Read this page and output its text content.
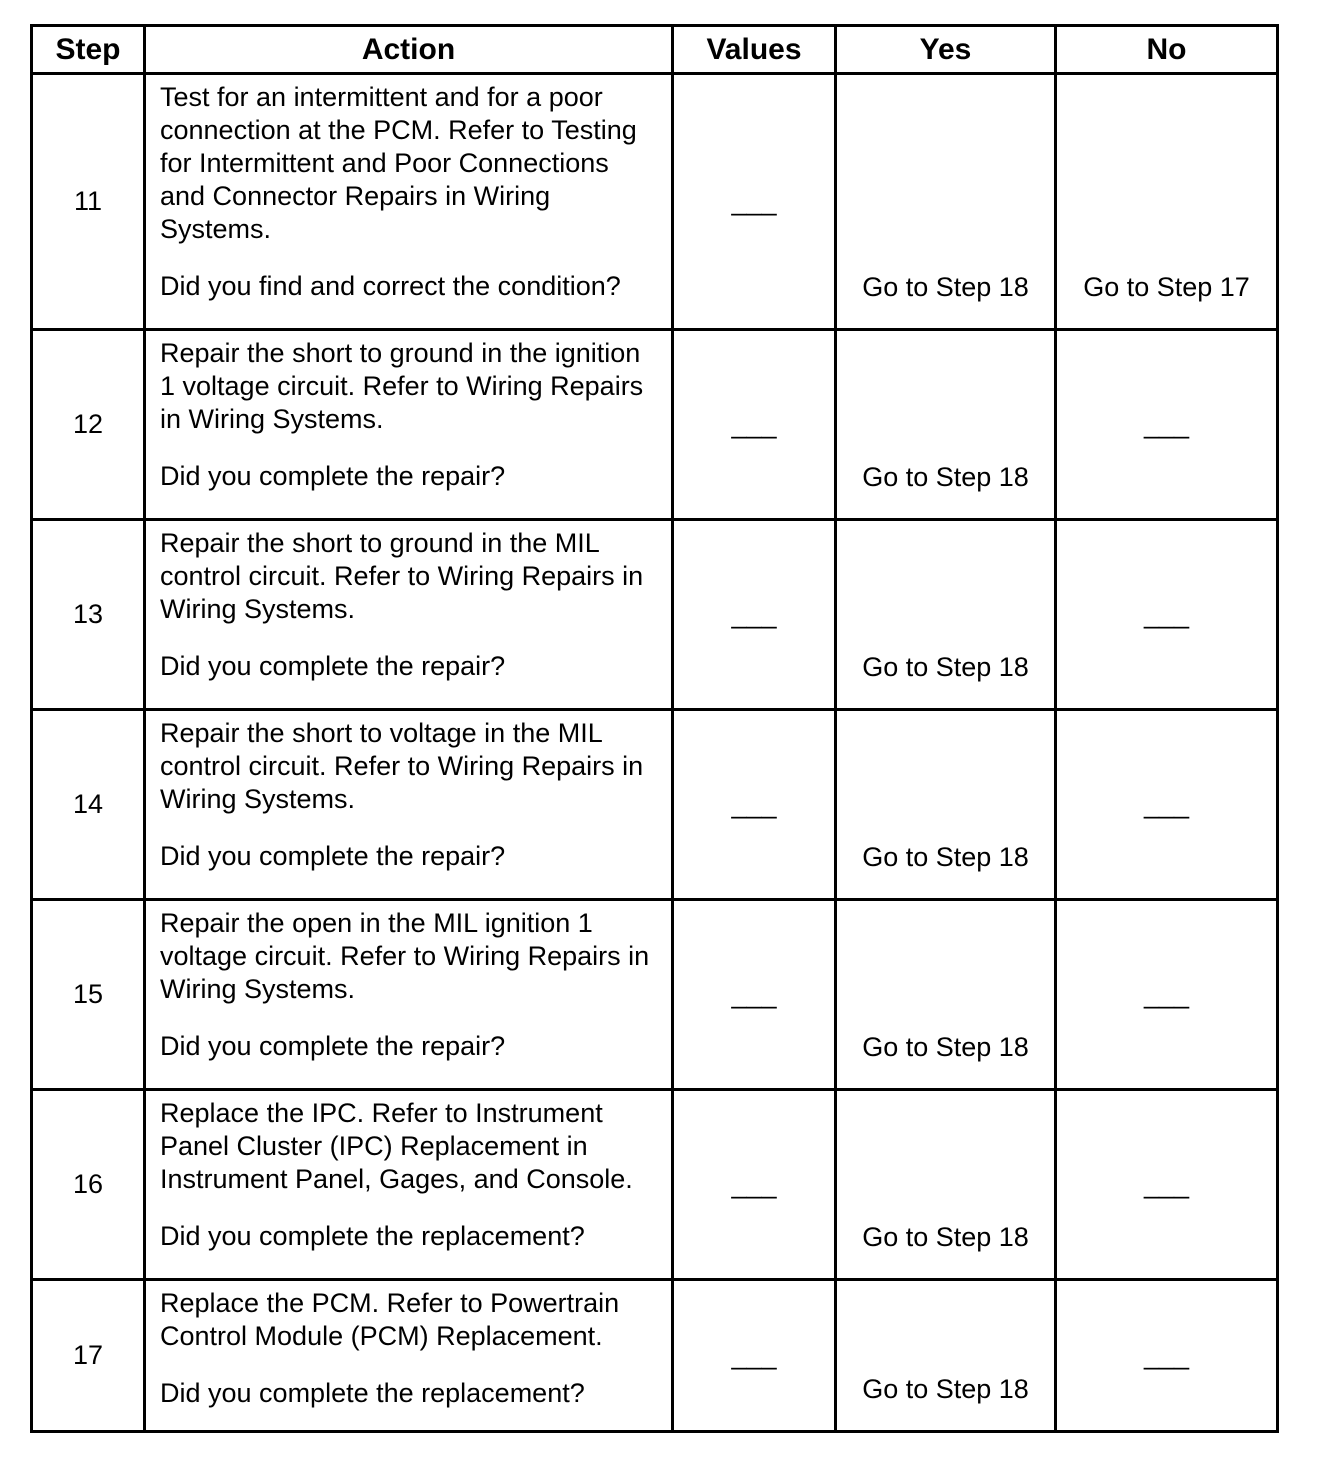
Step	Action	Values	Yes	No
11	Test for an intermittent and for a poor connection at the PCM. Refer to Testing for Intermittent and Poor Connections and Connector Repairs in Wiring Systems.
Did you find and correct the condition?	___	Go to Step 18	Go to Step 17
12	Repair the short to ground in the ignition 1 voltage circuit. Refer to Wiring Repairs in Wiring Systems.
Did you complete the repair?	___	Go to Step 18	___
13	Repair the short to ground in the MIL control circuit. Refer to Wiring Repairs in Wiring Systems.
Did you complete the repair?	___	Go to Step 18	___
14	Repair the short to voltage in the MIL control circuit. Refer to Wiring Repairs in Wiring Systems.
Did you complete the repair?	___	Go to Step 18	___
15	Repair the open in the MIL ignition 1 voltage circuit. Refer to Wiring Repairs in Wiring Systems.
Did you complete the repair?	___	Go to Step 18	___
16	Replace the IPC. Refer to Instrument Panel Cluster (IPC) Replacement in Instrument Panel, Gages, and Console.
Did you complete the replacement?	___	Go to Step 18	___
17	Replace the PCM. Refer to Powertrain Control Module (PCM) Replacement.
Did you complete the replacement?	___	Go to Step 18	___
